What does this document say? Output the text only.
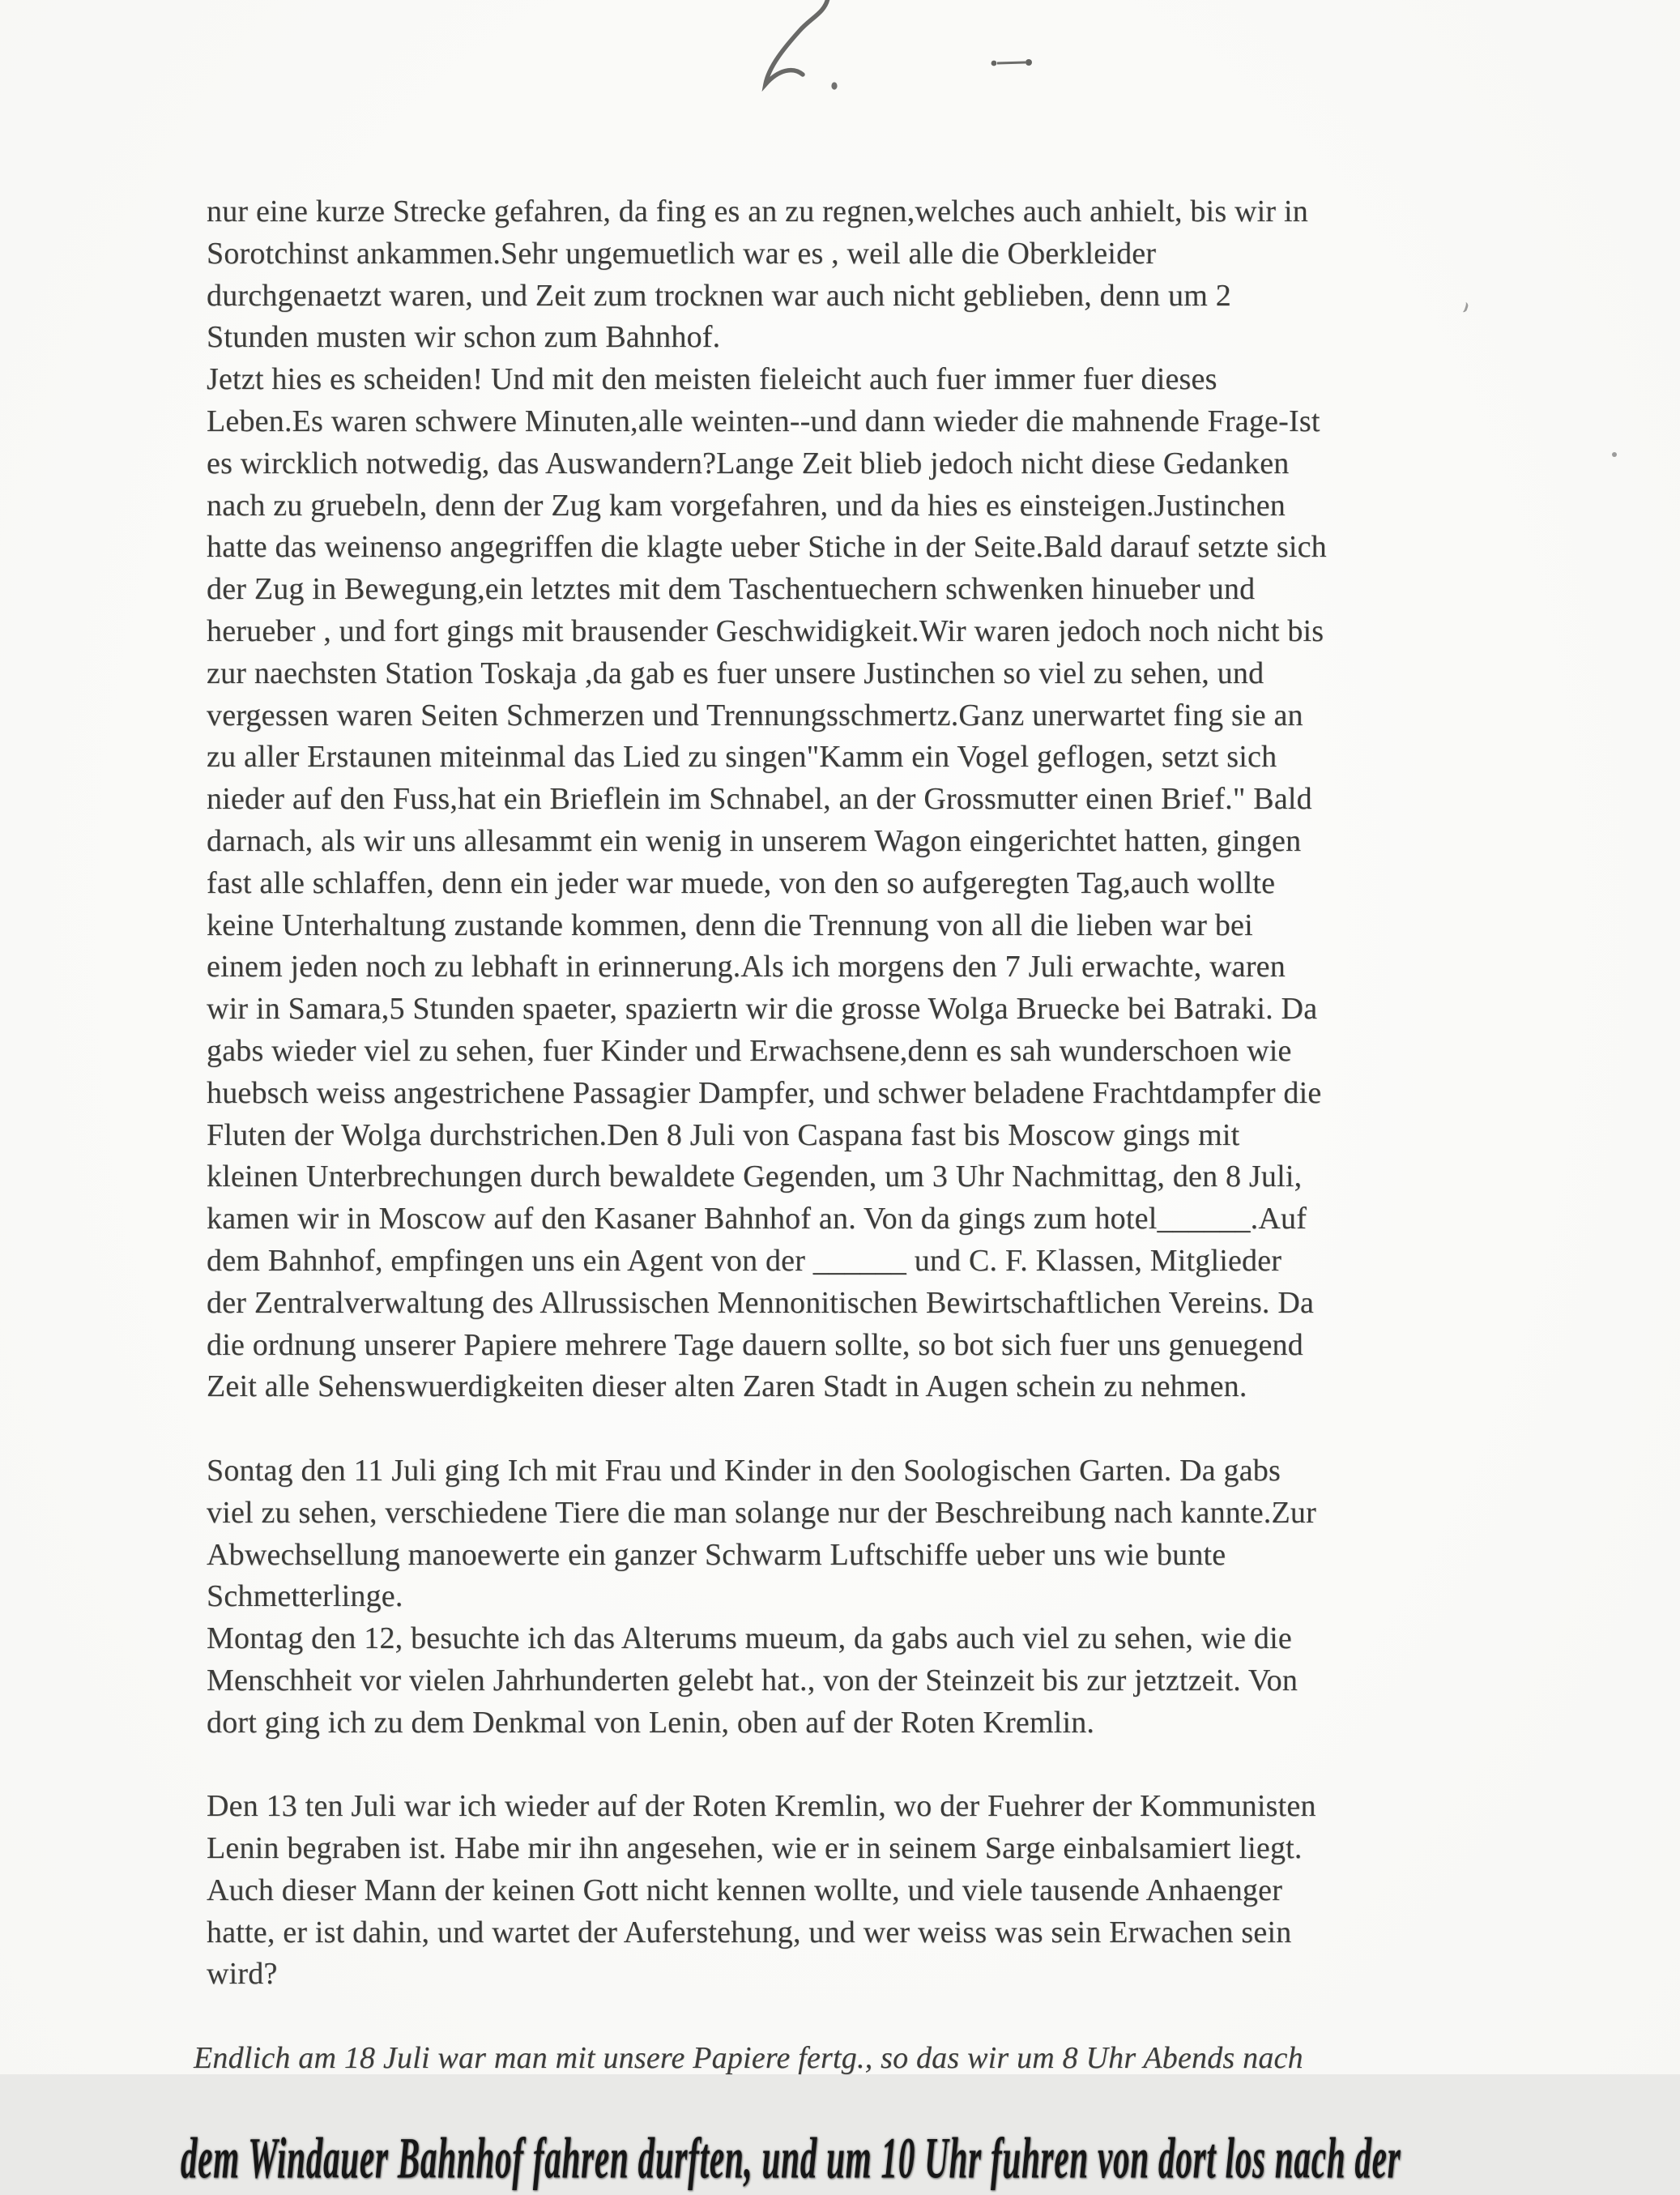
nur eine kurze Strecke gefahren, da fing es an zu regnen,welches auch anhielt, bis wir in
Sorotchinst ankammen.Sehr ungemuetlich war es , weil alle die Oberkleider
durchgenaetzt waren, und Zeit zum trocknen war auch nicht geblieben, denn um 2
Stunden musten wir schon zum Bahnhof.
Jetzt hies es scheiden! Und mit den meisten fieleicht auch fuer immer fuer dieses
Leben.Es waren schwere Minuten,alle weinten--und dann wieder die mahnende Frage-Ist
es wircklich notwedig, das Auswandern?Lange Zeit blieb jedoch nicht diese Gedanken
nach zu gruebeln, denn der Zug kam vorgefahren, und da hies es einsteigen.Justinchen
hatte das weinenso angegriffen die klagte ueber Stiche in der Seite.Bald darauf setzte sich
der Zug in Bewegung,ein letztes mit dem Taschentuechern schwenken hinueber und
herueber , und fort gings mit brausender Geschwidigkeit.Wir waren jedoch noch nicht bis
zur naechsten Station Toskaja ,da gab es fuer unsere Justinchen so viel zu sehen, und
vergessen waren Seiten Schmerzen und Trennungsschmertz.Ganz unerwartet fing sie an
zu aller Erstaunen miteinmal das Lied zu singen"Kamm ein Vogel geflogen, setzt sich
nieder auf den Fuss,hat ein Brieflein im Schnabel, an der Grossmutter einen Brief." Bald
darnach, als wir uns allesammt ein wenig in unserem Wagon eingerichtet hatten, gingen
fast alle schlaffen, denn ein jeder war muede, von den so aufgeregten Tag,auch wollte
keine Unterhaltung zustande kommen, denn die Trennung von all die lieben war bei
einem jeden noch zu lebhaft in erinnerung.Als ich morgens den 7 Juli erwachte, waren
wir in Samara,5 Stunden spaeter, spaziertn wir die grosse Wolga Bruecke bei Batraki. Da
gabs wieder viel zu sehen, fuer Kinder und Erwachsene,denn es sah wunderschoen wie
huebsch weiss angestrichene Passagier Dampfer, und schwer beladene Frachtdampfer die
Fluten der Wolga durchstrichen.Den 8 Juli von Caspana fast bis Moscow gings mit
kleinen Unterbrechungen durch bewaldete Gegenden, um 3 Uhr Nachmittag, den 8 Juli,
kamen wir in Moscow auf den Kasaner Bahnhof an. Von da gings zum hotel______.Auf
dem Bahnhof, empfingen uns ein Agent von der ______ und C. F. Klassen, Mitglieder
der Zentralverwaltung des Allrussischen Mennonitischen Bewirtschaftlichen Vereins. Da
die ordnung unserer Papiere mehrere Tage dauern sollte, so bot sich fuer uns genuegend
Zeit alle Sehenswuerdigkeiten dieser alten Zaren Stadt in Augen schein zu nehmen.
Sontag den 11 Juli ging Ich mit Frau und Kinder in den Soologischen Garten. Da gabs
viel zu sehen, verschiedene Tiere die man solange nur der Beschreibung nach kannte.Zur
Abwechsellung manoewerte ein ganzer Schwarm Luftschiffe ueber uns wie bunte
Schmetterlinge.
Montag den 12, besuchte ich das Alterums mueum, da gabs auch viel zu sehen, wie die
Menschheit vor vielen Jahrhunderten gelebt hat., von der Steinzeit bis zur jetztzeit. Von
dort ging ich zu dem Denkmal von Lenin, oben auf der Roten Kremlin.
Den 13 ten Juli war ich wieder auf der Roten Kremlin, wo der Fuehrer der Kommunisten
Lenin begraben ist. Habe mir ihn angesehen, wie er in seinem Sarge einbalsamiert liegt.
Auch dieser Mann der keinen Gott nicht kennen wollte, und viele tausende Anhaenger
hatte, er ist dahin, und wartet der Auferstehung, und wer weiss was sein Erwachen sein
wird?
Endlich am 18 Juli war man mit unsere Papiere fertg., so das wir um 8 Uhr Abends nach
dem Windauer Bahnhof fahren durften, und um 10 Uhr fuhren von dort los nach der
